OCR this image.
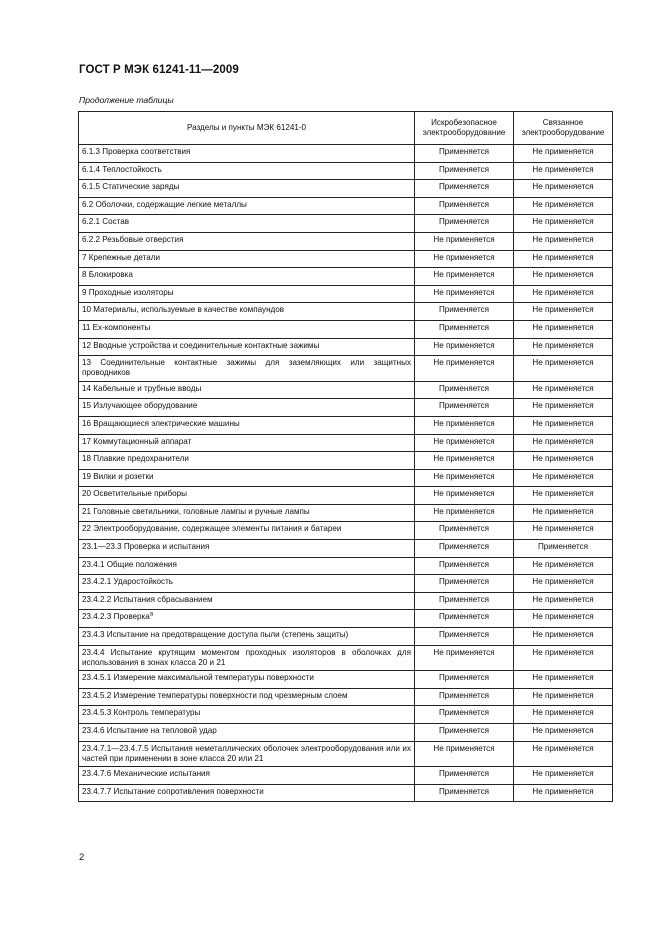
ГОСТ Р МЭК 61241-11—2009
Продолжение таблицы
Разделы и пункты МЭК 61241-0	Искробезопасное электрооборудование	Связанное электрооборудование
6.1.3 Проверка соответствия	Применяется	Не применяется
6.1.4 Теплостойкость	Применяется	Не применяется
6.1.5 Статические заряды	Применяется	Не применяется
6.2 Оболочки, содержащие легкие металлы	Применяется	Не применяется
6.2.1 Состав	Применяется	Не применяется
6.2.2 Резьбовые отверстия	Не применяется	Не применяется
7 Крепежные детали	Не применяется	Не применяется
8 Блокировка	Не применяется	Не применяется
9 Проходные изоляторы	Не применяется	Не применяется
10 Материалы, используемые в качестве компаундов	Применяется	Не применяется
11 Ex-компоненты	Применяется	Не применяется
12 Вводные устройства и соединительные контактные зажимы	Не применяется	Не применяется
13 Соединительные контактные зажимы для заземляющих или защитных проводников	Не применяется	Не применяется
14 Кабельные и трубные вводы	Применяется	Не применяется
15 Излучающее оборудование	Применяется	Не применяется
16 Вращающиеся электрические машины	Не применяется	Не применяется
17 Коммутационный аппарат	Не применяется	Не применяется
18 Плавкие предохранители	Не применяется	Не применяется
19 Вилки и розетки	Не применяется	Не применяется
20 Осветительные приборы	Не применяется	Не применяется
21 Головные светильники, головные лампы и ручные лампы	Не применяется	Не применяется
22 Электрооборудование, содержащее элементы питания и батареи	Применяется	Не применяется
23.1—23.3 Проверка и испытания	Применяется	Применяется
23.4.1 Общие положения	Применяется	Не применяется
23.4.2.1 Ударостойкость	Применяется	Не применяется
23.4.2.2 Испытания сбрасыванием	Применяется	Не применяется
23.4.2.3 Проверка$^a$	Применяется	Не применяется
23.4.3 Испытание на предотвращение доступа пыли (степень защиты)	Применяется	Не применяется
23.4.4 Испытание крутящим моментом проходных изоляторов в оболочках для использования в зонах класса 20 и 21	Не применяется	Не применяется
23.4.5.1 Измерение максимальной температуры поверхности	Применяется	Не применяется
23.4.5.2 Измерение температуры поверхности под чрезмерным слоем	Применяется	Не применяется
23.4.5.3 Контроль температуры	Применяется	Не применяется
23.4.6 Испытание на тепловой удар	Применяется	Не применяется
23.4.7.1—23.4.7.5 Испытания неметаллических оболочек электрооборудования или их частей при применении в зоне класса 20 или 21	Не применяется	Не применяется
23.4.7.6 Механические испытания	Применяется	Не применяется
23.4.7.7 Испытание сопротивления поверхности	Применяется	Не применяется
2
